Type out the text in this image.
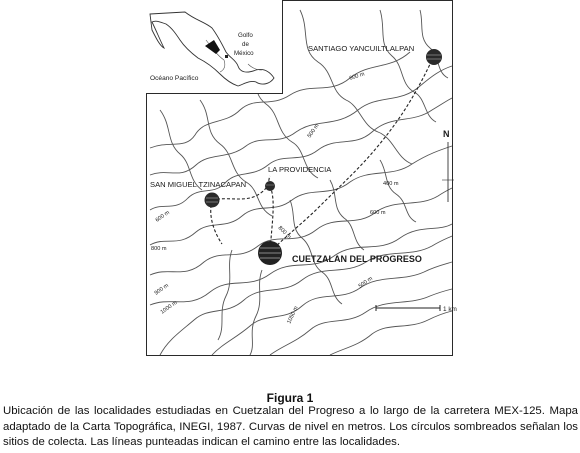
SANTIAGO YANCUILTLALPAN
LA PROVIDENCIA
SAN MIGUEL TZINACAPAN
CUETZALAN DEL PROGRESO
600 m
500 m
400 m
600 m
500 m
600 m
800 m
900 m
1000 m
800 m
1050 m
N
1 km
Golfo
de
México
Océano Pacífico
Figura 1
Ubicación de las localidades estudiadas en Cuetzalan del Progreso a lo largo de la carretera MEX-125. Mapa adaptado de la Carta Topográfica, INEGI, 1987. Curvas de nivel en metros. Los círculos sombreados señalan los sitios de colecta. Las líneas punteadas indican el camino entre las localidades.
